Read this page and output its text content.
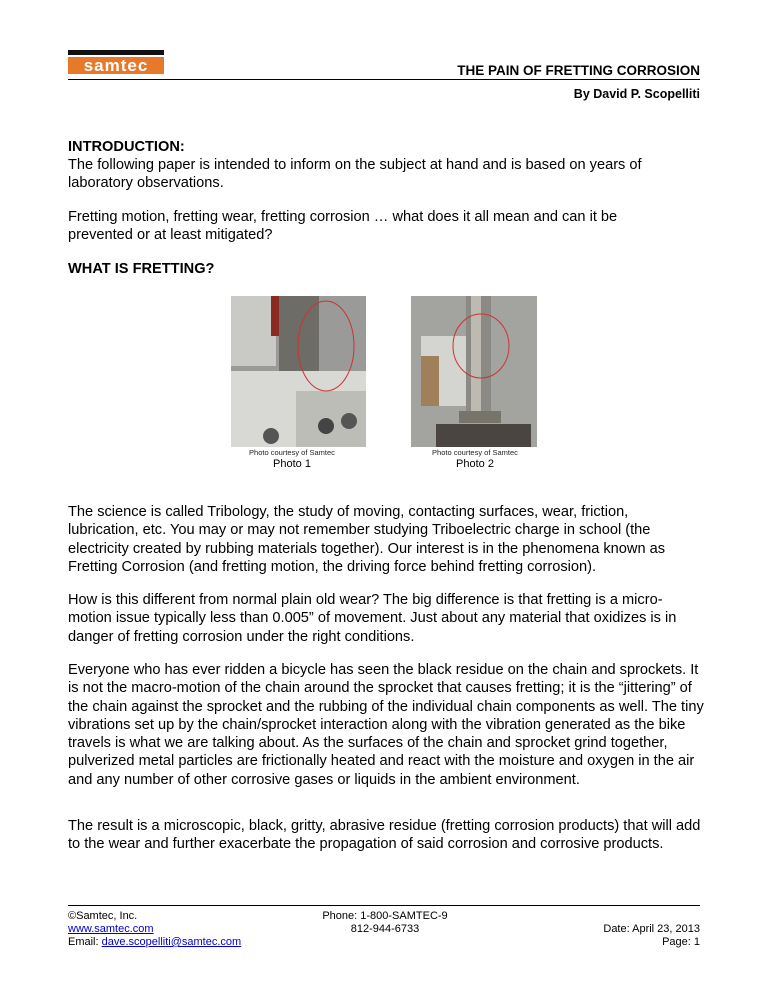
samtec	THE PAIN OF FRETTING CORROSION
By David P. Scopelliti
INTRODUCTION:
The following paper is intended to inform on the subject at hand and is based on years of laboratory observations.
Fretting motion, fretting wear, fretting corrosion … what does it all mean and can it be prevented or at least mitigated?
WHAT IS FRETTING?
Photo courtesy of Samtec
Photo 1
Photo courtesy of Samtec
Photo 2
The science is called Tribology, the study of moving, contacting surfaces, wear, friction, lubrication, etc. You may or may not remember studying Triboelectric charge in school (the electricity created by rubbing materials together). Our interest is in the phenomena known as Fretting Corrosion (and fretting motion, the driving force behind fretting corrosion).
How is this different from normal plain old wear? The big difference is that fretting is a micro-motion issue typically less than 0.005” of movement. Just about any material that oxidizes is in danger of fretting corrosion under the right conditions.
Everyone who has ever ridden a bicycle has seen the black residue on the chain and sprockets. It is not the macro-motion of the chain around the sprocket that causes fretting; it is the “jittering” of the chain against the sprocket and the rubbing of the individual chain components as well. The tiny vibrations set up by the chain/sprocket interaction along with the vibration generated as the bike travels is what we are talking about. As the surfaces of the chain and sprocket grind together, pulverized metal particles are frictionally heated and react with the moisture and oxygen in the air and any number of other corrosive gases or liquids in the ambient environment.
The result is a microscopic, black, gritty, abrasive residue (fretting corrosion products) that will add to the wear and further exacerbate the propagation of said corrosion and corrosive products.
©Samtec, Inc.
www.samtec.com
Email: dave.scopelliti@samtec.com
Phone: 1-800-SAMTEC-9
812-944-6733	Date: April 23, 2013
Page: 1
